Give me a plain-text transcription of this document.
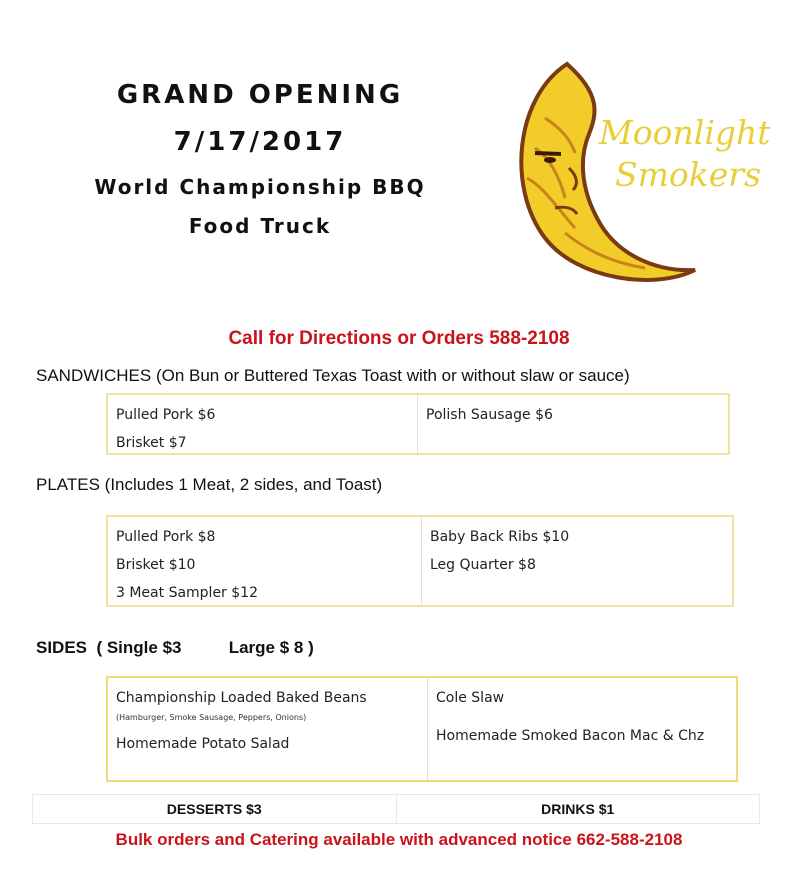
GRAND OPENING
7/17/2017
World Championship BBQ
Food Truck
Moonlight
Smokers
Call for Directions or Orders 588-2108
SANDWICHES (On Bun or Buttered Texas Toast with or without slaw or sauce)
Pulled Pork $6
Brisket $7
Polish Sausage $6
PLATES (Includes 1 Meat, 2 sides, and Toast)
Pulled Pork $8
Brisket $10
3 Meat Sampler $12
Baby Back Ribs $10
Leg Quarter $8
SIDES  ( Single $3          Large $ 8 )
Championship Loaded Baked Beans
(Hamburger, Smoke Sausage, Peppers, Onions)
Homemade Potato Salad
Cole Slaw
Homemade Smoked Bacon Mac & Chz
DESSERTS $3	DRINKS $1
Bulk orders and Catering available with advanced notice 662-588-2108
